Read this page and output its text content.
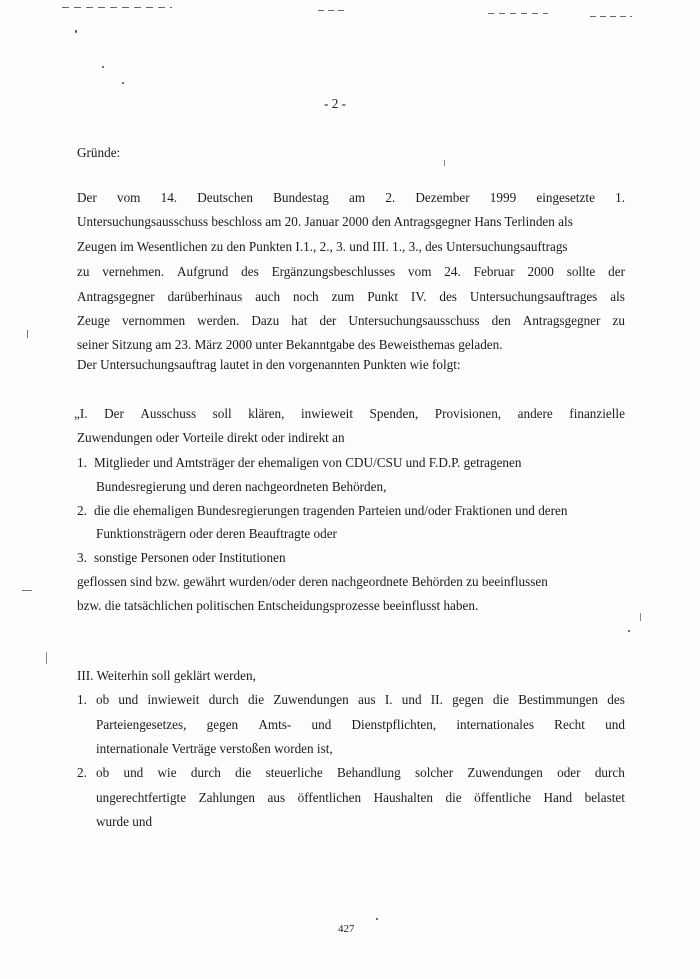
- 2 -
Gründe:
Der vom 14. Deutschen Bundestag am 2. Dezember 1999 eingesetzte 1.
Untersuchungsausschuss beschloss am 20. Januar 2000 den Antragsgegner Hans Terlinden als
Zeugen im Wesentlichen zu den Punkten I.1., 2., 3. und III. 1., 3., des Untersuchungsauftrags
zu vernehmen. Aufgrund des Ergänzungsbeschlusses vom 24. Februar 2000 sollte der
Antragsgegner darüberhinaus auch noch zum Punkt IV. des Untersuchungsauftrages als
Zeuge vernommen werden. Dazu hat der Untersuchungsausschuss den Antragsgegner zu
seiner Sitzung am 23. März 2000 unter Bekanntgabe des Beweisthemas geladen.
Der Untersuchungsauftrag lautet in den vorgenannten Punkten wie folgt:
„I. Der Ausschuss soll klären, inwieweit Spenden, Provisionen, andere finanzielle
Zuwendungen oder Vorteile direkt oder indirekt an
1. Mitglieder und Amtsträger der ehemaligen von CDU/CSU und F.D.P. getragenen
Bundesregierung und deren nachgeordneten Behörden,
2. die die ehemaligen Bundesregierungen tragenden Parteien und/oder Fraktionen und deren
Funktionsträgern oder deren Beauftragte oder
3. sonstige Personen oder Institutionen
geflossen sind bzw. gewährt wurden/oder deren nachgeordnete Behörden zu beeinflussen
bzw. die tatsächlichen politischen Entscheidungsprozesse beeinflusst haben.
III. Weiterhin soll geklärt werden,
1. ob und inwieweit durch die Zuwendungen aus I. und II. gegen die Bestimmungen des
Parteiengesetzes, gegen Amts- und Dienstpflichten, internationales Recht und
internationale Verträge verstoßen worden ist,
2. ob und wie durch die steuerliche Behandlung solcher Zuwendungen oder durch
ungerechtfertigte Zahlungen aus öffentlichen Haushalten die öffentliche Hand belastet
wurde und
427
